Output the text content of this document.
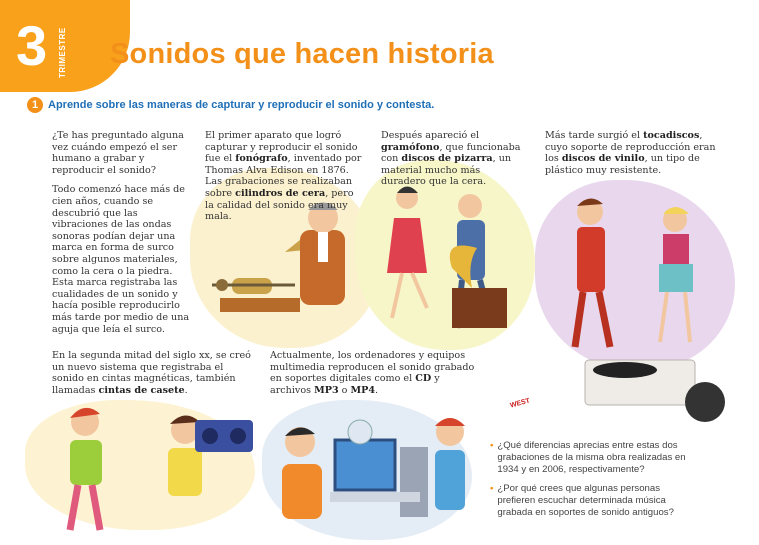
3 TRIMESTRE Sonidos que hacen historia
1 Aprende sobre las maneras de capturar y reproducir el sonido y contesta.

¿Te has preguntado alguna vez cuándo empezó el ser humano a grabar y reproducir el sonido?

Todo comenzó hace más de cien años, cuando se descubrió que las vibraciones de las ondas sonoras podían dejar una marca en forma de surco sobre algunos materiales, como la cera o la piedra. Esta marca registraba las cualidades de un sonido y hacía posible reproducirlo más tarde por medio de una aguja que leía el surco.

El primer aparato que logró capturar y reproducir el sonido fue el fonógrafo, inventado por Thomas Alva Edison en 1876. Las grabaciones se realizaban sobre cilindros de cera, pero la calidad del sonido era muy mala.
Después apareció el gramófono, que funcionaba con discos de pizarra, un material mucho más duradero que la cera.
Más tarde surgió el tocadiscos, cuyo soporte de reproducción eran los discos de vinilo, un tipo de plástico muy resistente.
En la segunda mitad del siglo xx, se creó un nuevo sistema que registraba el sonido en cintas magnéticas, también llamadas cintas de casete.
Actualmente, los ordenadores y equipos multimedia reproducen el sonido grabado en soportes digitales como el CD y archivos MP3 o MP4.
• ¿Qué diferencias aprecias entre estas dos grabaciones de la misma obra realizadas en 1934 y en 2006, respectivamente?
• ¿Por qué crees que algunas personas prefieren escuchar determinada música grabada en soportes de sonido antiguos?
WEST
